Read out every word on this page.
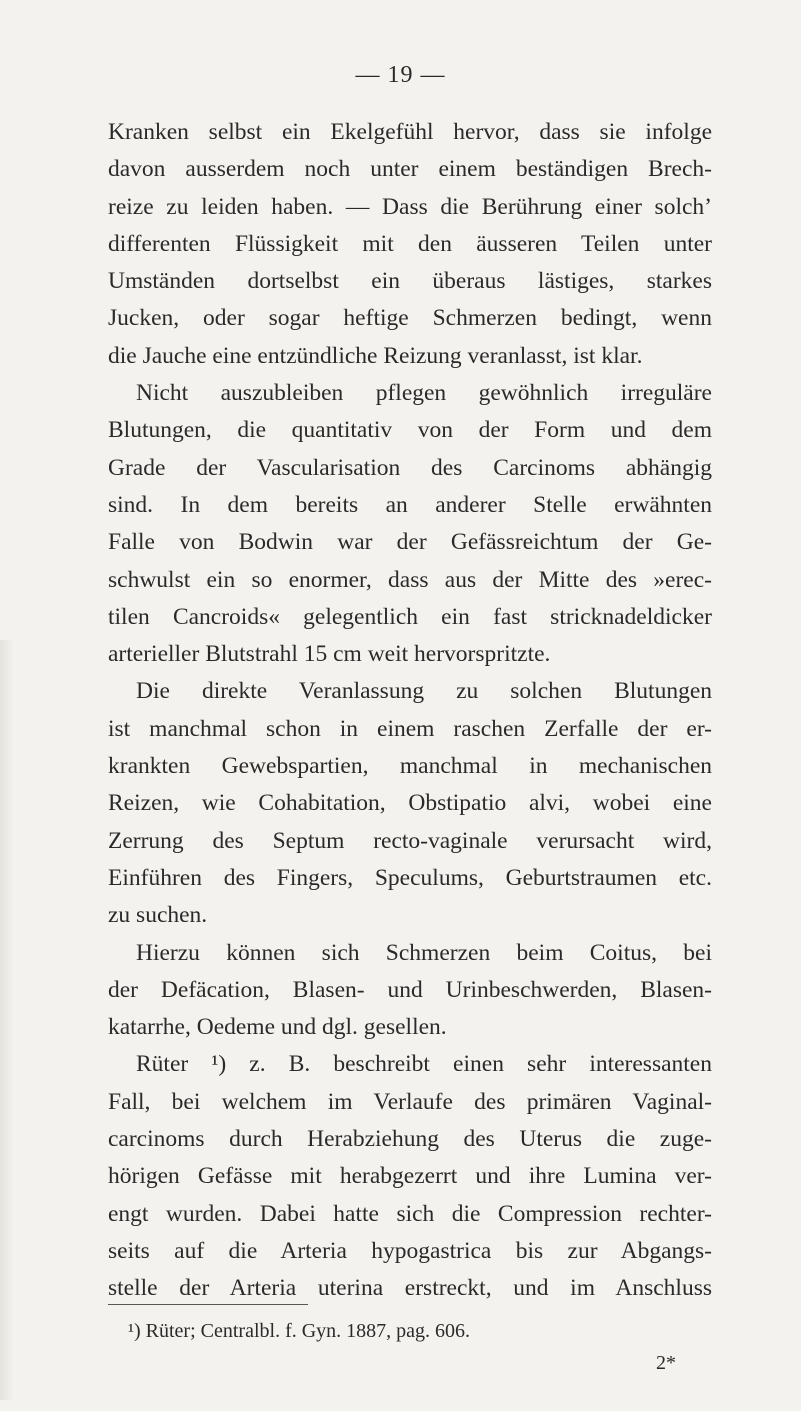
— 19 —
Kranken selbst ein Ekelgefühl hervor, dass sie infolge
davon ausserdem noch unter einem beständigen Brech-
reize zu leiden haben. — Dass die Berührung einer solch’
differenten Flüssigkeit mit den äusseren Teilen unter
Umständen dortselbst ein überaus lästiges, starkes
Jucken, oder sogar heftige Schmerzen bedingt, wenn
die Jauche eine entzündliche Reizung veranlasst, ist klar.
Nicht auszubleiben pflegen gewöhnlich irreguläre
Blutungen, die quantitativ von der Form und dem
Grade der Vascularisation des Carcinoms abhängig
sind. In dem bereits an anderer Stelle erwähnten
Falle von Bodwin war der Gefässreichtum der Ge-
schwulst ein so enormer, dass aus der Mitte des »erec-
tilen Cancroids« gelegentlich ein fast stricknadeldicker
arterieller Blutstrahl 15 cm weit hervorspritzte.
Die direkte Veranlassung zu solchen Blutungen
ist manchmal schon in einem raschen Zerfalle der er-
krankten Gewebspartien, manchmal in mechanischen
Reizen, wie Cohabitation, Obstipatio alvi, wobei eine
Zerrung des Septum recto-vaginale verursacht wird,
Einführen des Fingers, Speculums, Geburtstraumen etc.
zu suchen.
Hierzu können sich Schmerzen beim Coitus, bei
der Defäcation, Blasen- und Urinbeschwerden, Blasen-
katarrhe, Oedeme und dgl. gesellen.
Rüter ¹) z. B. beschreibt einen sehr interessanten
Fall, bei welchem im Verlaufe des primären Vaginal-
carcinoms durch Herabziehung des Uterus die zuge-
hörigen Gefässe mit herabgezerrt und ihre Lumina ver-
engt wurden. Dabei hatte sich die Compression rechter-
seits auf die Arteria hypogastrica bis zur Abgangs-
stelle der Arteria uterina erstreckt, und im Anschluss
¹) Rüter; Centralbl. f. Gyn. 1887, pag. 606.
2*
